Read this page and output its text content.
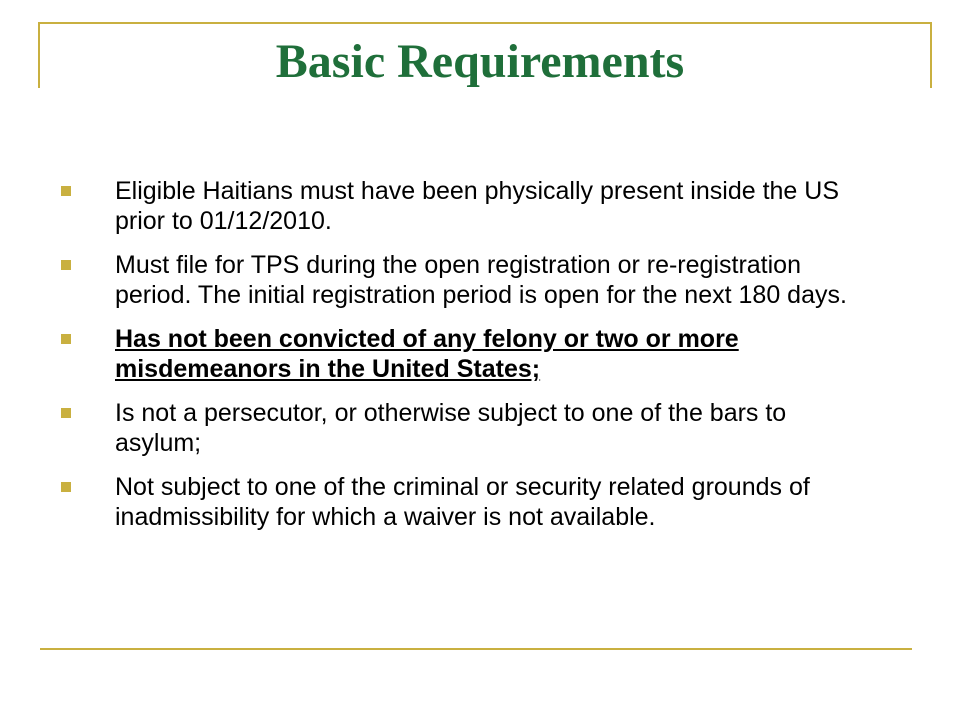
Basic Requirements
Eligible Haitians must have been physically present inside the US prior to 01/12/2010.
Must file for TPS during the open registration or re-registration period. The initial registration period is open for the next 180 days.
Has not been convicted of any felony or two or more misdemeanors in the United States;
Is not a persecutor, or otherwise subject to one of the bars to asylum;
Not subject to one of the criminal or security related grounds of inadmissibility for which a waiver is not available.
